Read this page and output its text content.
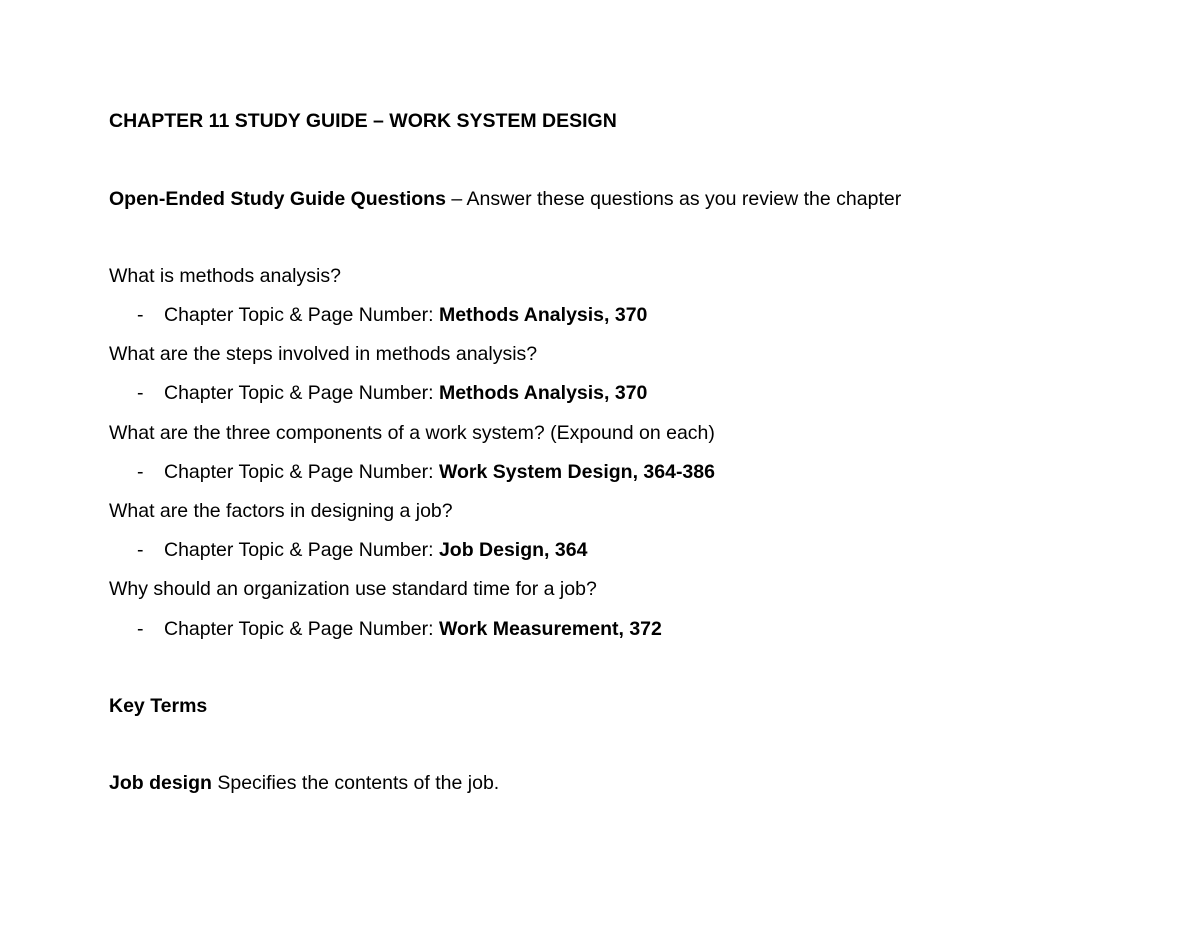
CHAPTER 11 STUDY GUIDE – WORK SYSTEM DESIGN
Open-Ended Study Guide Questions – Answer these questions as you review the chapter
What is methods analysis?
- Chapter Topic & Page Number: Methods Analysis, 370
What are the steps involved in methods analysis?
- Chapter Topic & Page Number: Methods Analysis, 370
What are the three components of a work system? (Expound on each)
- Chapter Topic & Page Number: Work System Design, 364-386
What are the factors in designing a job?
- Chapter Topic & Page Number: Job Design, 364
Why should an organization use standard time for a job?
- Chapter Topic & Page Number: Work Measurement, 372
Key Terms
Job design Specifies the contents of the job.
